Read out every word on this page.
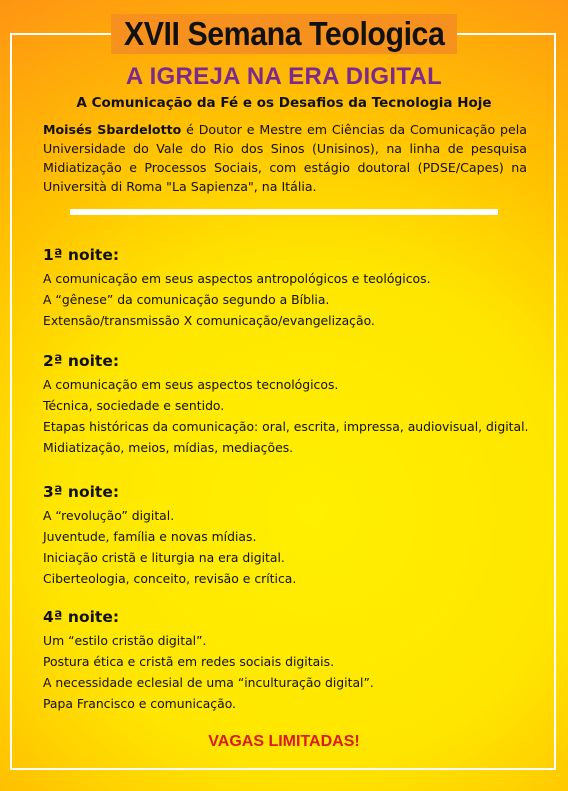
XVII Semana Teologica
A IGREJA NA ERA DIGITAL
A Comunicação da Fé e os Desafios da Tecnologia Hoje
Moisés Sbardelotto é Doutor e Mestre em Ciências da Comunicação pela Universidade do Vale do Rio dos Sinos (Unisinos), na linha de pesquisa Midiatização e Processos Sociais, com estágio doutoral (PDSE/Capes) na Università di Roma "La Sapienza", na Itália.
1ª noite:
A comunicação em seus aspectos antropológicos e teológicos.
A “gênese” da comunicação segundo a Bíblia.
Extensão/transmissão X comunicação/evangelização.
2ª noite:
A comunicação em seus aspectos tecnológicos.
Técnica, sociedade e sentido.
Etapas históricas da comunicação: oral, escrita, impressa, audiovisual, digital.
Midiatização, meios, mídias, mediações.
3ª noite:
A “revolução” digital.
Juventude, família e novas mídias.
Iniciação cristã e liturgia na era digital.
Ciberteologia, conceito, revisão e crítica.
4ª noite:
Um “estilo cristão digital”.
Postura ética e cristã em redes sociais digitais.
A necessidade eclesial de uma “inculturação digital”.
Papa Francisco e comunicação.
VAGAS LIMITADAS!
